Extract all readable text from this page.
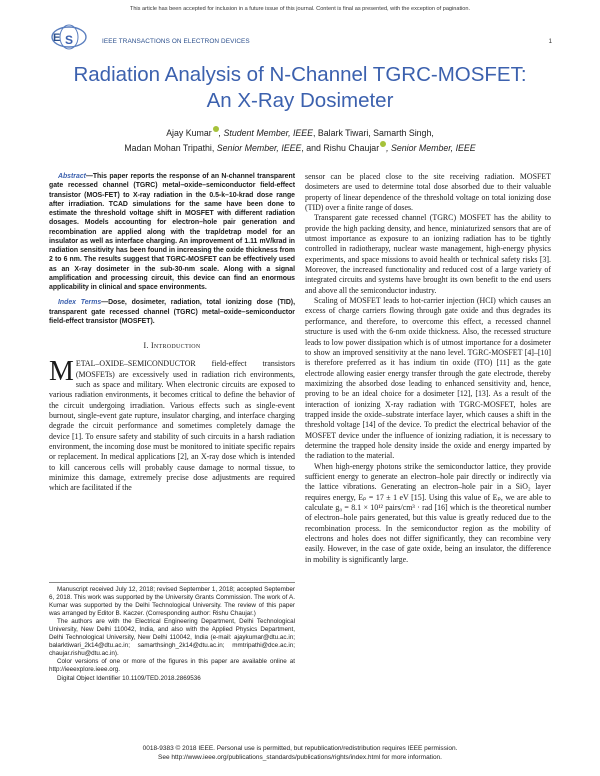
This article has been accepted for inclusion in a future issue of this journal. Content is final as presented, with the exception of pagination.
E S	IEEE TRANSACTIONS ON ELECTRON DEVICES	1
Radiation Analysis of N-Channel TGRC-MOSFET: An X-Ray Dosimeter
Ajay Kumar , Student Member, IEEE, Balark Tiwari, Samarth Singh,
Madan Mohan Tripathi, Senior Member, IEEE, and Rishu Chaujar , Senior Member, IEEE

Abstract—This paper reports the response of an N-channel transparent gate recessed channel (TGRC) metal–oxide–semiconductor field-effect transistor (MOS-FET) to X-ray radiation in the 0.5-k–10-krad dose range after irradiation. TCAD simulations for the same have been done to estimate the threshold voltage shift in MOSFET with different radiation dosages. Models accounting for electron–hole pair generation and recombination are applied along with the trap/detrap model for an insulator as well as interface charging. An improvement of 1.11 mV/krad in radiation sensitivity has been found in increasing the oxide thickness from 2 to 6 nm. The results suggest that TGRC-MOSFET can be effectively used as an X-ray dosimeter in the sub-30-nm scale. Along with a signal amplification and processing circuit, this device can find an enormous applicability in clinical and space environments.

Index Terms—Dose, dosimeter, radiation, total ionizing dose (TID), transparent gate recessed channel (TGRC) metal–oxide–semiconductor field-effect transistor (MOSFET).

I. Introduction

METAL–OXIDE–SEMICONDUCTOR field-effect transistors (MOSFETs) are excessively used in radiation rich environments, such as space and military. When electronic circuits are exposed to various radiation environments, it becomes critical to define the behavior of the circuit undergoing irradiation. Various effects such as single-event burnout, single-event gate rupture, insulator charging, and interface charging degrade the circuit performance and sometimes completely damage the device [1]. To ensure safety and stability of such circuits in a harsh radiation environment, the incoming dose must be monitored to initiate specific repairs or replacement. In medical applications [2], an X-ray dose which is intended to kill cancerous cells will probably cause damage to normal tissue, to minimize this damage, extremely precise dose adjustments are required which are facilitated if the

Manuscript received July 12, 2018; revised September 1, 2018; accepted September 6, 2018. This work was supported by the University Grants Commission. The work of A. Kumar was supported by the Delhi Technological University. The review of this paper was arranged by Editor B. Kaczer. (Corresponding author: Rishu Chaujar.)

The authors are with the Electrical Engineering Department, Delhi Technological University, New Delhi 110042, India, and also with the Applied Physics Department, Delhi Technological University, New Delhi 110042, India (e-mail: ajaykumar@dtu.ac.in; balarktiwari_2k14@dtu.ac.in; samarthsingh_2k14@dtu.ac.in; mmtripathi@dce.ac.in; chaujar.rishu@dtu.ac.in).

Color versions of one or more of the figures in this paper are available online at http://ieeexplore.ieee.org.

Digital Object Identifier 10.1109/TED.2018.2869536

sensor can be placed close to the site receiving radiation. MOSFET dosimeters are used to determine total dose absorbed due to their valuable property of linear dependence of the threshold voltage on total ionizing dose (TID) over a finite range of doses.

Transparent gate recessed channel (TGRC) MOSFET has the ability to provide the high packing density, and hence, miniaturized sensors that are of utmost importance as exposure to an ionizing radiation has to be tightly controlled in radiotherapy, nuclear waste management, high-energy physics experiments, and space missions to avoid health or technical safety risks [3]. Moreover, the increased functionality and reduced cost of a large variety of integrated circuits and systems have brought its own benefit to the end users and above all the semiconductor industry.

Scaling of MOSFET leads to hot-carrier injection (HCI) which causes an excess of charge carriers flowing through gate oxide and thus degrades its performance, and therefore, to overcome this effect, a recessed channel structure is used with the 6-nm oxide thickness. Also, the recessed structure leads to low power dissipation which is of utmost importance for a dosimeter to show an improved sensitivity at the nano level. TGRC-MOSFET [4]–[10] is therefore preferred as it has indium tin oxide (ITO) [11] as the gate electrode allowing easier energy transfer through the gate electrode, thereby maximizing the absorbed dose leading to enhanced sensitivity and, hence, proving to be an ideal choice for a dosimeter [12], [13]. As a result of the interaction of ionizing X-ray radiation with TGRC-MOSFET, holes are trapped inside the oxide–substrate interface layer, which causes a shift in the threshold voltage [14] of the device. To predict the electrical behavior of the MOSFET device under the influence of ionizing radiation, it is necessary to determine the trapped hole density inside the oxide and energy imparted by the radiation to the material.

When high-energy photons strike the semiconductor lattice, they provide sufficient energy to generate an electron–hole pair directly or indirectly via the lattice vibrations. Generating an electron–hole pair in a SiO₂ layer requires energy, Eₚ = 17 ± 1 eV [15]. Using this value of Eₚ, we are able to calculate g₀ = 8.1 × 10¹² pairs/cm³ · rad [16] which is the theoretical number of electron–hole pairs generated, but this value is greatly reduced due to the recombination process. In the semiconductor region as the mobility of electrons and holes does not differ significantly, they can recombine very easily. However, in the case of gate oxide, being an insulator, the difference in mobility is significantly large.

0018-9383 © 2018 IEEE. Personal use is permitted, but republication/redistribution requires IEEE permission.
See http://www.ieee.org/publications_standards/publications/rights/index.html for more information.
